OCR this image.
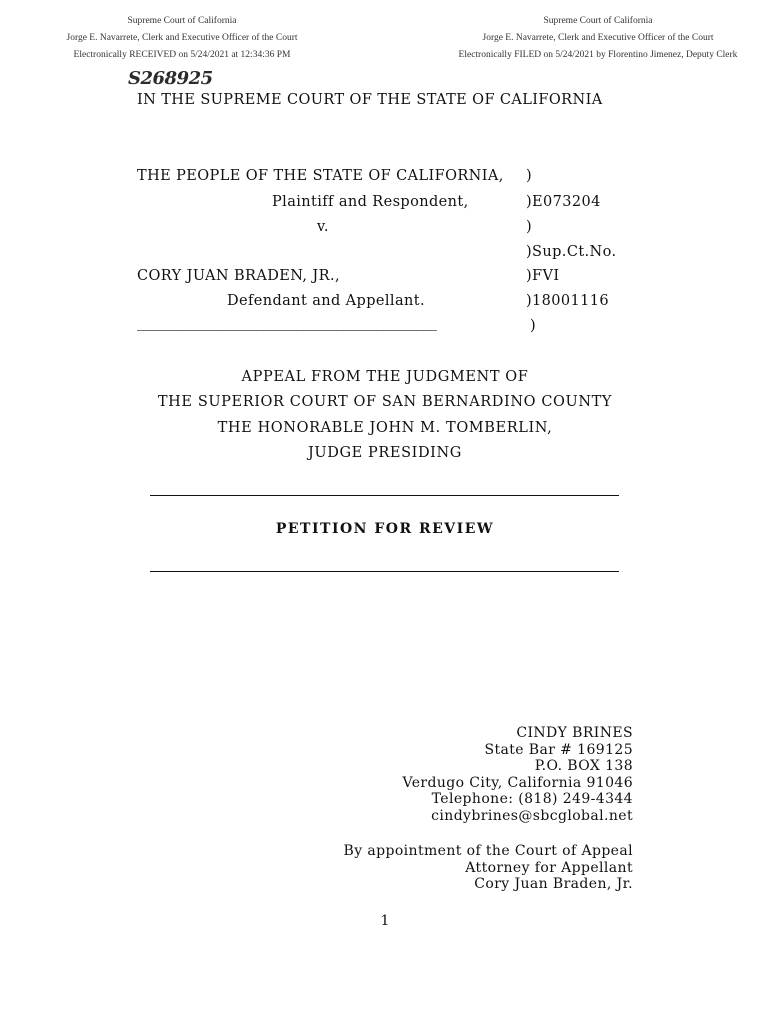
Supreme Court of California
Jorge E. Navarrete, Clerk and Executive Officer of the Court
Electronically RECEIVED on 5/24/2021 at 12:34:36 PM
Supreme Court of California
Jorge E. Navarrete, Clerk and Executive Officer of the Court
Electronically FILED on 5/24/2021 by Florentino Jimenez, Deputy Clerk
S268925
IN THE SUPREME COURT OF THE STATE OF CALIFORNIA
THE PEOPLE OF THE STATE OF CALIFORNIA,
Plaintiff and Respondent,
v.
CORY JUAN BRADEN, JR.,
Defendant and Appellant.
_____________________________________________
)
)E073204
)
)Sup.Ct.No.
)FVI
)18001116
)
APPEAL FROM THE JUDGMENT OF
THE SUPERIOR COURT OF SAN BERNARDINO COUNTY
THE HONORABLE JOHN M. TOMBERLIN,
JUDGE PRESIDING
PETITION FOR REVIEW
CINDY BRINES
State Bar # 169125
P.O. BOX 138
Verdugo City, California 91046
Telephone: (818) 249-4344
cindybrines@sbcglobal.net
By appointment of the Court of Appeal
Attorney for Appellant
Cory Juan Braden, Jr.
1
